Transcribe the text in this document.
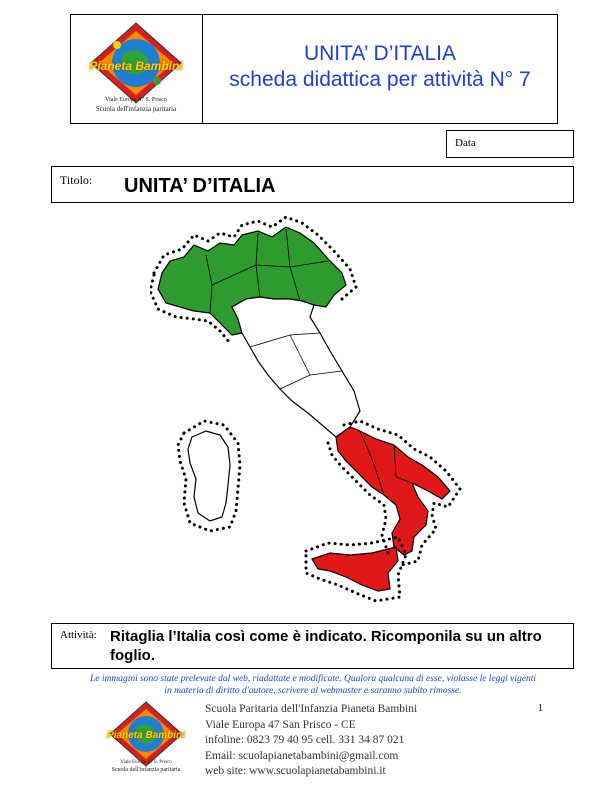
Pianeta Bambini
Viale Europa 47 S. Prisco
Scuola dell'infanzia paritaria
UNITA’ D’ITALIA
scheda didattica per attività N° 7
Data
Titolo: UNITA’ D’ITALIA
Attività: Ritaglia l’Italia così come è indicato. Ricomponila su un altro foglio.
Le immagini sono state prelevate dal web, riadattate e modificate. Qualora qualcuna di esse, violasse le leggi vigenti
in materia di diritto d'autore, scrivere al webmaster e saranno subito rimosse.
Pianeta Bambini
Viale Europa 47 S. Prisco
Scuola dell'infanzia paritaria
Scuola Paritaria dell'Infanzia Pianeta Bambini
Viale Europa 47 San Prisco - CE
infoline: 0823 79 40 95 cell. 331 34 87 021
Email: scuolapianetabambini@gmail.com
web site: www.scuolapianetabambini.it
1
